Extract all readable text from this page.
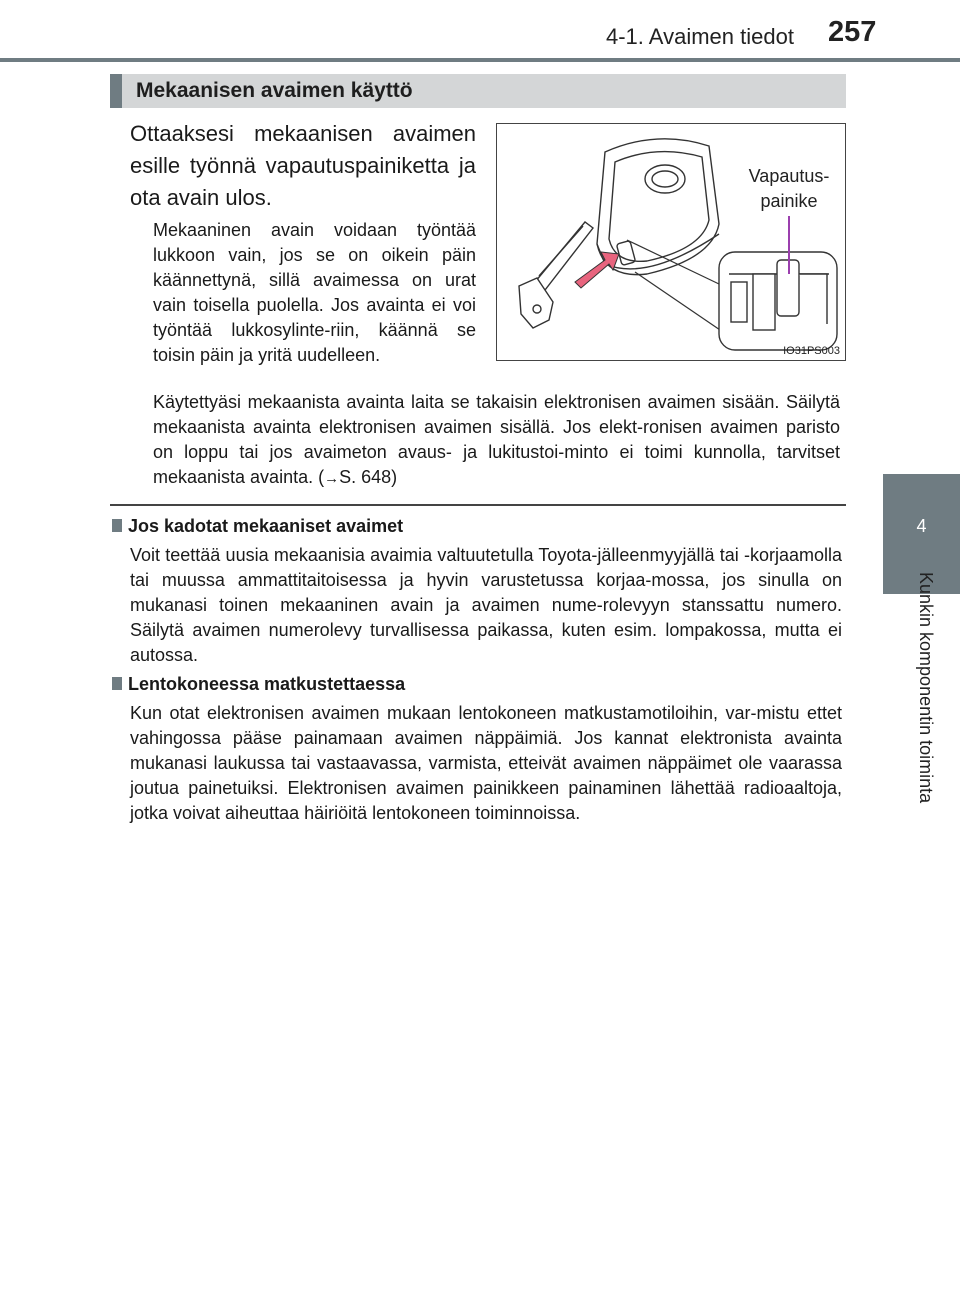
4-1. Avaimen tiedot 257
4
Kunkin komponentin toiminta
Mekaanisen avaimen käyttö

Ottaaksesi mekaanisen avaimen esille työnnä vapautuspainiketta ja ota avain ulos.

Mekaaninen avain voidaan työntää lukkoon vain, jos se on oikein päin käännettynä, sillä avaimessa on urat vain toisella puolella. Jos avainta ei voi työntää lukkosylinte-riin, käännä se toisin päin ja yritä uudelleen.

Vapautus-
painike
IO31PS003

Käytettyäsi mekaanista avainta laita se takaisin elektronisen avaimen sisään. Säilytä mekaanista avainta elektronisen avaimen sisällä. Jos elekt-ronisen avaimen paristo on loppu tai jos avaimeton avaus- ja lukitustoi-minto ei toimi kunnolla, tarvitset mekaanista avainta. (→S. 648)

Jos kadotat mekaaniset avaimet
Voit teettää uusia mekaanisia avaimia valtuutetulla Toyota-jälleenmyyjällä tai -korjaamolla tai muussa ammattitaitoisessa ja hyvin varustetussa korjaa-mossa, jos sinulla on mukanasi toinen mekaaninen avain ja avaimen nume-rolevyyn stanssattu numero. Säilytä avaimen numerolevy turvallisessa paikassa, kuten esim. lompakossa, mutta ei autossa.
Lentokoneessa matkustettaessa
Kun otat elektronisen avaimen mukaan lentokoneen matkustamotiloihin, var-mistu ettet vahingossa pääse painamaan avaimen näppäimiä. Jos kannat elektronista avainta mukanasi laukussa tai vastaavassa, varmista, etteivät avaimen näppäimet ole vaarassa joutua painetuiksi. Elektronisen avaimen painikkeen painaminen lähettää radioaaltoja, jotka voivat aiheuttaa häiriöitä lentokoneen toiminnoissa.
